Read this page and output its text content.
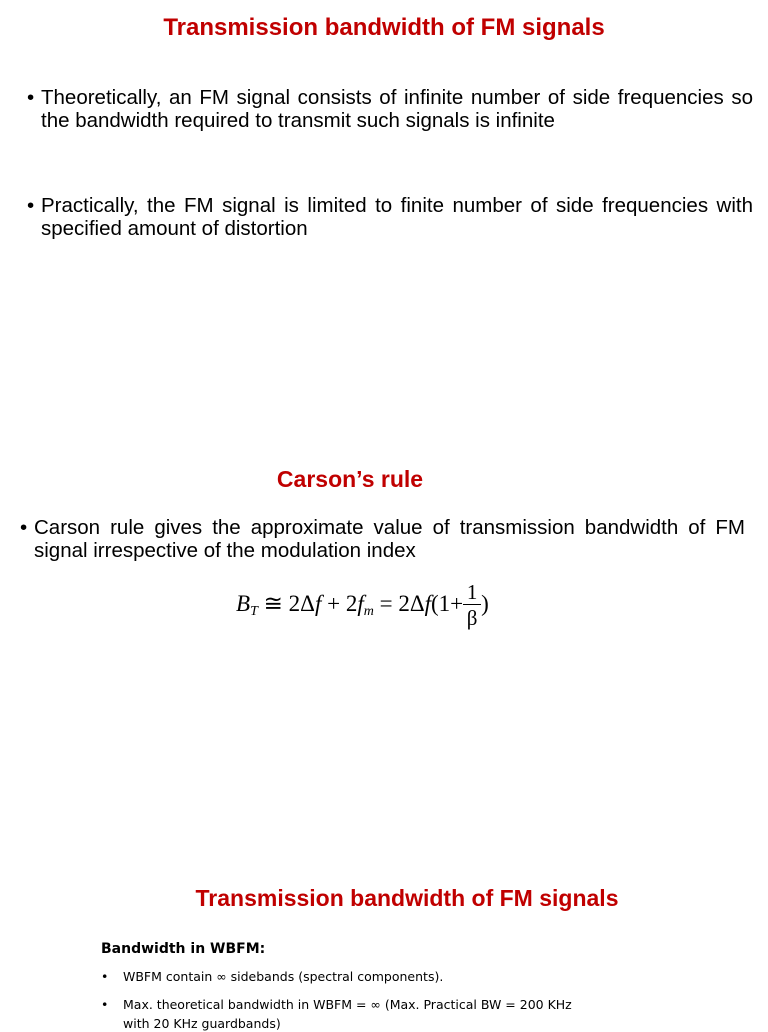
Transmission bandwidth of FM signals
• Theoretically, an FM signal consists of infinite number of side frequencies so the bandwidth required to transmit such signals is infinite
• Practically, the FM signal is limited to finite number of side frequencies with specified amount of distortion
Carson’s rule
• Carson rule gives the approximate value of transmission bandwidth of FM signal irrespective of the modulation index
$B_T$ ≅ $2\Delta f + 2f_m = 2\Delta f(1+ \frac{1}{\beta}$ )
Transmission bandwidth of FM signals
Bandwidth in WBFM:
• WBFM contain ∞ sidebands (spectral components).
• Max. theoretical bandwidth in WBFM = ∞ (Max. Practical BW = 200 KHz
with 20 KHz guardbands)
